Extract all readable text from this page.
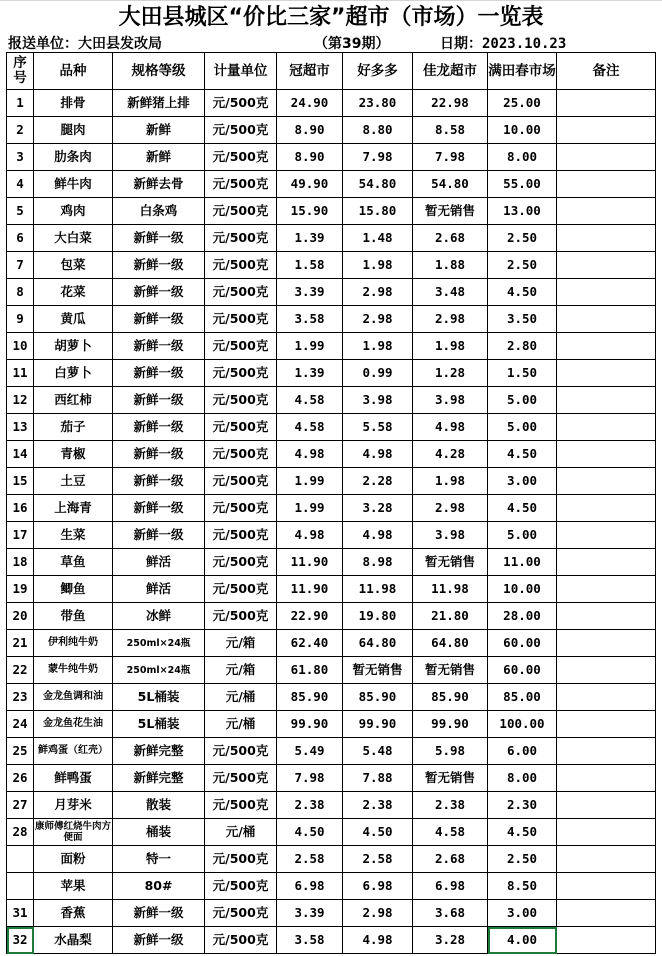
大田县城区“价比三家”超市（市场）一览表
报送单位：大田县发改局	（第39期）	日期：2023.10.23
序号	品种	规格等级	计量单位	冠超市	好多多	佳龙超市	满田春市场	备注
1	排骨	新鲜猪上排	元/500克	24.90	23.80	22.98	25.00	
2	腿肉	新鲜	元/500克	8.90	8.80	8.58	10.00	
3	肋条肉	新鲜	元/500克	8.90	7.98	7.98	8.00	
4	鲜牛肉	新鲜去骨	元/500克	49.90	54.80	54.80	55.00	
5	鸡肉	白条鸡	元/500克	15.90	15.80	暂无销售	13.00	
6	大白菜	新鲜一级	元/500克	1.39	1.48	2.68	2.50	
7	包菜	新鲜一级	元/500克	1.58	1.98	1.88	2.50	
8	花菜	新鲜一级	元/500克	3.39	2.98	3.48	4.50	
9	黄瓜	新鲜一级	元/500克	3.58	2.98	2.98	3.50	
10	胡萝卜	新鲜一级	元/500克	1.99	1.98	1.98	2.80	
11	白萝卜	新鲜一级	元/500克	1.39	0.99	1.28	1.50	
12	西红柿	新鲜一级	元/500克	4.58	3.98	3.98	5.00	
13	茄子	新鲜一级	元/500克	4.58	5.58	4.98	5.00	
14	青椒	新鲜一级	元/500克	4.98	4.98	4.28	4.50	
15	土豆	新鲜一级	元/500克	1.99	2.28	1.98	3.00	
16	上海青	新鲜一级	元/500克	1.99	3.28	2.98	4.50	
17	生菜	新鲜一级	元/500克	4.98	4.98	3.98	5.00	
18	草鱼	鲜活	元/500克	11.90	8.98	暂无销售	11.00	
19	鲫鱼	鲜活	元/500克	11.90	11.98	11.98	10.00	
20	带鱼	冰鲜	元/500克	22.90	19.80	21.80	28.00	
21	伊利纯牛奶	250ml×24瓶	元/箱	62.40	64.80	64.80	60.00	
22	蒙牛纯牛奶	250ml×24瓶	元/箱	61.80	暂无销售	暂无销售	60.00	
23	金龙鱼调和油	5L桶装	元/桶	85.90	85.90	85.90	85.00	
24	金龙鱼花生油	5L桶装	元/桶	99.90	99.90	99.90	100.00	
25	鲜鸡蛋（红壳）	新鲜完整	元/500克	5.49	5.48	5.98	6.00	
26	鲜鸭蛋	新鲜完整	元/500克	7.98	7.88	暂无销售	8.00	
27	月芽米	散装	元/500克	2.38	2.38	2.38	2.30	
28	康师傅红烧牛肉方便面	桶装	元/桶	4.50	4.50	4.58	4.50	
	面粉	特一	元/500克	2.58	2.58	2.68	2.50	
	苹果	80#	元/500克	6.98	6.98	6.98	8.50	
31	香蕉	新鲜一级	元/500克	3.39	2.98	3.68	3.00	
32	水晶梨	新鲜一级	元/500克	3.58	4.98	3.28	4.00	
